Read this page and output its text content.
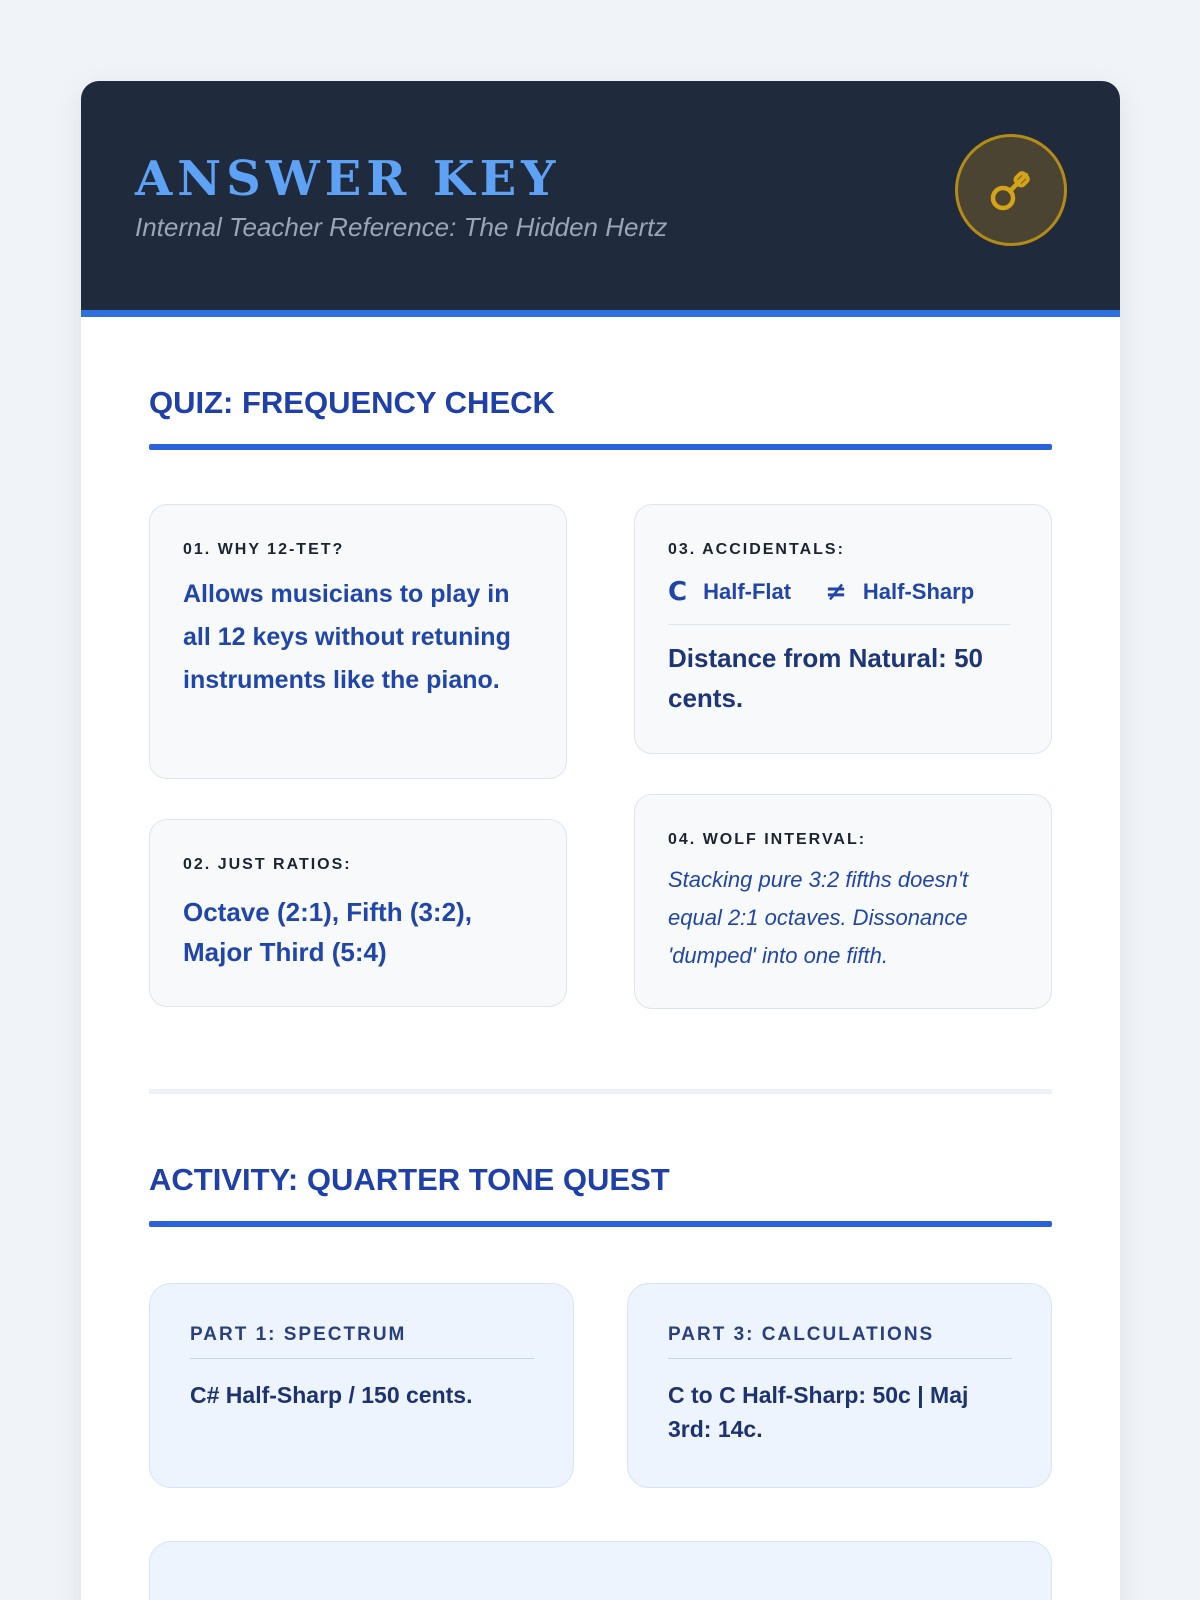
ANSWER KEY
Internal Teacher Reference: The Hidden Hertz
QUIZ: FREQUENCY CHECK
01. WHY 12-TET?
Allows musicians to play in all 12 keys without retuning instruments like the piano.
02. JUST RATIOS:
Octave (2:1), Fifth (3:2), Major Third (5:4)
03. ACCIDENTALS:
Ϲ Half-Flat ≠ Half-Sharp
Distance from Natural: 50 cents.
04. WOLF INTERVAL:
Stacking pure 3:2 fifths doesn't equal 2:1 octaves. Dissonance 'dumped' into one fifth.
ACTIVITY: QUARTER TONE QUEST
PART 1: SPECTRUM
C# Half-Sharp / 150 cents.
PART 3: CALCULATIONS
C to C Half-Sharp: 50c | Maj 3rd: 14c.
